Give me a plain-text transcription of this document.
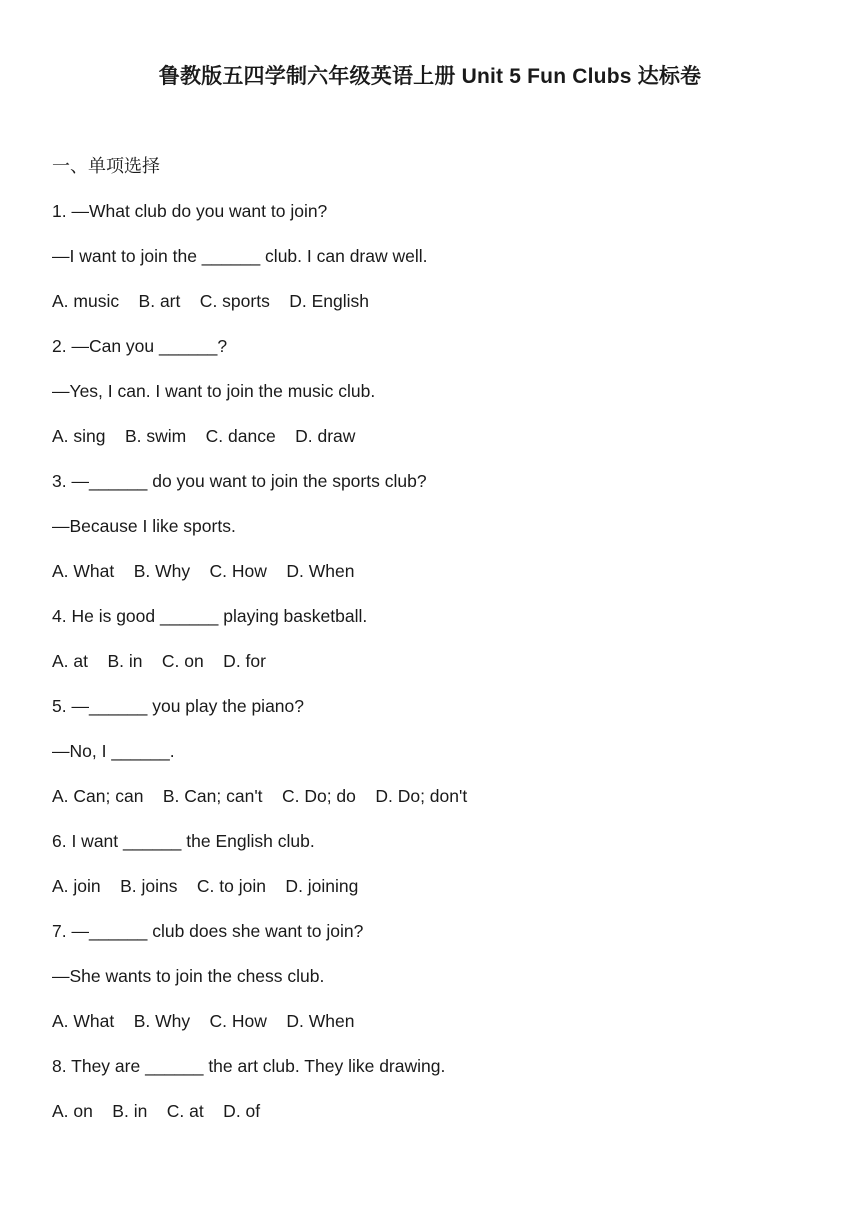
鲁教版五四学制六年级英语上册 Unit 5 Fun Clubs 达标卷
一、单项选择
1. —What club do you want to join?
—I want to join the ______ club. I can draw well.
A. music    B. art    C. sports    D. English
2. —Can you ______?
—Yes, I can. I want to join the music club.
A. sing    B. swim    C. dance    D. draw
3. —______ do you want to join the sports club?
—Because I like sports.
A. What    B. Why    C. How    D. When
4. He is good ______ playing basketball.
A. at    B. in    C. on    D. for
5. —______ you play the piano?
—No, I ______.
A. Can; can    B. Can; can't    C. Do; do    D. Do; don't
6. I want ______ the English club.
A. join    B. joins    C. to join    D. joining
7. —______ club does she want to join?
—She wants to join the chess club.
A. What    B. Why    C. How    D. When
8. They are ______ the art club. They like drawing.
A. on    B. in    C. at    D. of
